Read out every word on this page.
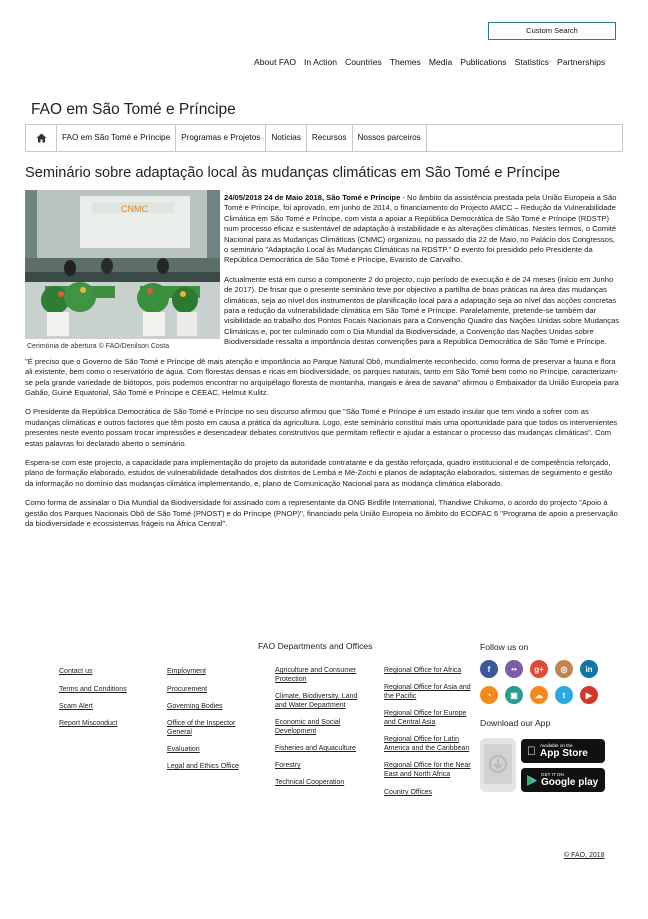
Custom Search
About FAO In Action Countries Themes Media Publications Statistics Partnerships
FAO em São Tomé e Príncipe
FAO em São Tomé e Príncipe	Programas e Projetos	Notícias	Recursos	Nossos parceiros
Seminário sobre adaptação local às mudanças climáticas em São Tomé e Príncipe
CNMC
Cerimónia de abertura © FAO/Denilson Costa

24/05/2018 24 de Maio 2018, São Tomé e Príncipe - No âmbito da assistência prestada pela União Europeia a São Tomé e Príncipe, foi aprovado, em junho de 2014, o financiamento do Projecto AMCC – Redução da Vulnerabilidade Climática em São Tomé e Príncipe, com vista a apoiar a República Democrática de São Tomé e Príncipe (RDSTP) num processo eficaz e sustentável de adaptação à instabilidade e às alterações climáticas. Nestes termos, o Comité Nacional para as Mudanças Climáticas (CNMC) organizou, no passado dia 22 de Maio, no Palácio dos Congressos, o seminário "Adaptação Local às Mudanças Climáticas na RDSTP." O evento foi presidido pelo Presidente da República Democrática de São Tomé e Príncipe, Evaristo de Carvalho.

Actualmente está em curso a componente 2 do projecto, cujo período de execução é de 24 meses (início em Junho de 2017). De frisar que o presente seminário teve por objectivo a partilha de boas práticas na área das mudanças climáticas, seja ao nível dos instrumentos de planificação local para a adaptação seja ao nível das acções concretas para a redução da vulnerabilidade climática em São Tomé e Príncipe. Paralelamente, pretende-se também dar visibilidade ao trabalho dos Pontos Focais Nacionais para a Convenção Quadro das Nações Unidas sobre Mudanças Climáticas e, por ter culminado com o Dia Mundial da Biodiversidade, a Convenção das Nações Unidas sobre Biodiversidade ressalta a importância destas convenções para a República Democrática de São Tomé e Príncipe.

"É preciso que o Governo de São Tomé e Príncipe dê mais atenção e importância ao Parque Natural Obô, mundialmente reconhecido, como forma de preservar a fauna e flora ali existente, bem como o reservatório de água. Com florestas densas e ricas em biodiversidade, os parques naturais, tanto em São Tomé bem como no Príncipe, caracterizam-se pela grande variedade de biótopos, pois podemos encontrar no arquipélago floresta de montanha, mangais e área de savana" afirmou o Embaixador da União Europeia para Gabão, Guiné Equatorial, São Tomé e Príncipe e CEEAC, Helmut Kulitz.

O Presidente da República Democrática de São Tomé e Príncipe no seu discurso afirmou que "São Tomé e Príncipe é um estado insular que tem vindo a sofrer com as mudanças climáticas e outros factores que têm posto em causa a prática da agricultura. Logo, este seminário constitui mais uma oportunidade para que todos os intervenientes presentes neste evento possam trocar impressões e desencadear debates construtivos que permitam reflectir e ajudar a estancar o processo das mudanças climáticas". Com estas palavras foi declarado aberto o seminário.

Espera-se com este projecto, a capacidade para implementação do projeto da autoridade contratante e da gestão reforçada, quadro institucional e de competência reforçado, plano de formação elaborado, estudos de vulnerabilidade detalhados dos distritos de Lembá e Mé-Zochi e planos de adaptação elaborados, sistemas de seguimento e gestão da informação no domínio das mudanças climática implementando, e, plano de Comunicação Nacional para as mudança climática elaborado.

Como forma de assinalar o Dia Mundial da Biodiversidade foi assinado com a representante da ONG Birdlife International, Thandiwe Chikomo, o acordo do projecto "Apoio à gestão dos Parques Nacionais Obô de São Tomé (PNOST) e do Príncipe (PNOP)", financiado pela União Europeia no âmbito do ECOFAC 6 "Programa de apoio a preservação da biodiversidade e ecossistemas frágeis na África Central".

FAO Departments and Offices
Contact us
Terms and Conditions
Scam Alert
Report Misconduct
Employment
Procurement
Governing Bodies
Office of the Inspector General
Evaluation
Legal and Ethics Office
Agriculture and Consumer Protection
Climate, Biodiversity, Land and Water Department
Economic and Social Development
Fisheries and Aquaculture
Forestry
Technical Cooperation
Regional Office for Africa
Regional Office for Asia and the Pacific
Regional Office for Europe and Central Asia
Regional Office for Latin America and the Caribbean
Regional Office for the Near East and North Africa
Country Offices
Follow us on
f	••	g+	◎	in
◔	▣	☁	t	▶
Download our App
Available on the
App Store
GET IT ON
Google play
© FAO, 2018
